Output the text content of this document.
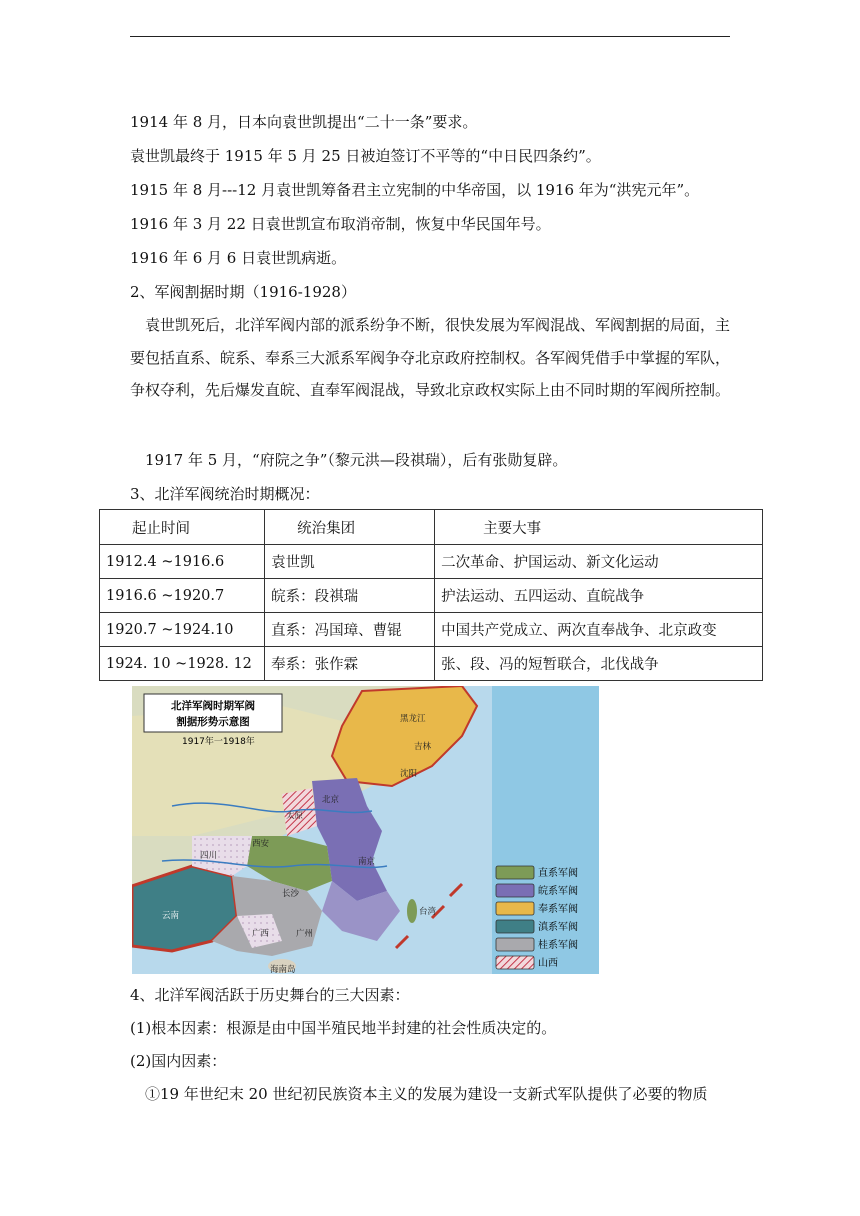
1914 年 8 月，日本向袁世凯提出“二十一条”要求。
袁世凯最终于 1915 年 5 月 25 日被迫签订不平等的“中日民四条约”。
1915 年 8 月---12 月袁世凯筹备君主立宪制的中华帝国，以 1916 年为“洪宪元年”。
1916 年 3 月 22 日袁世凯宣布取消帝制，恢复中华民国年号。
1916 年 6 月 6 日袁世凯病逝。
2、军阀割据时期（1916-1928）
袁世凯死后，北洋军阀内部的派系纷争不断，很快发展为军阀混战、军阀割据的局面，主要包括直系、皖系、奉系三大派系军阀争夺北京政府控制权。各军阀凭借手中掌握的军队，争权夺利，先后爆发直皖、直奉军阀混战，导致北京政权实际上由不同时期的军阀所控制。
1917 年 5 月，“府院之争”（黎元洪—段祺瑞），后有张勋复辟。
3、北洋军阀统治时期概况：
起止时间	统治集团	主要大事
1912.4 ~1916.6	袁世凯	二次革命、护国运动、新文化运动
1916.6 ~1920.7	皖系：段祺瑞	护法运动、五四运动、直皖战争
1920.7 ~1924.10	直系：冯国璋、曹锟	中国共产党成立、两次直奉战争、北京政变
1924. 10 ~1928. 12	奉系：张作霖	张、段、冯的短暂联合，北伐战争
北洋军阀时期军阀
割据形势示意图
1917年一1918年
黑龙江
吉林
沈阳
北京
太原
西安
南京
长沙
四川
云南
广西	广州
海南岛
台湾
直系军阀
皖系军阀
奉系军阀
滇系军阀
桂系军阀
山西
4、北洋军阀活跃于历史舞台的三大因素：
(1)根本因素：根源是由中国半殖民地半封建的社会性质决定的。
(2)国内因素：
①19 年世纪末 20 世纪初民族资本主义的发展为建设一支新式军队提供了必要的物质
